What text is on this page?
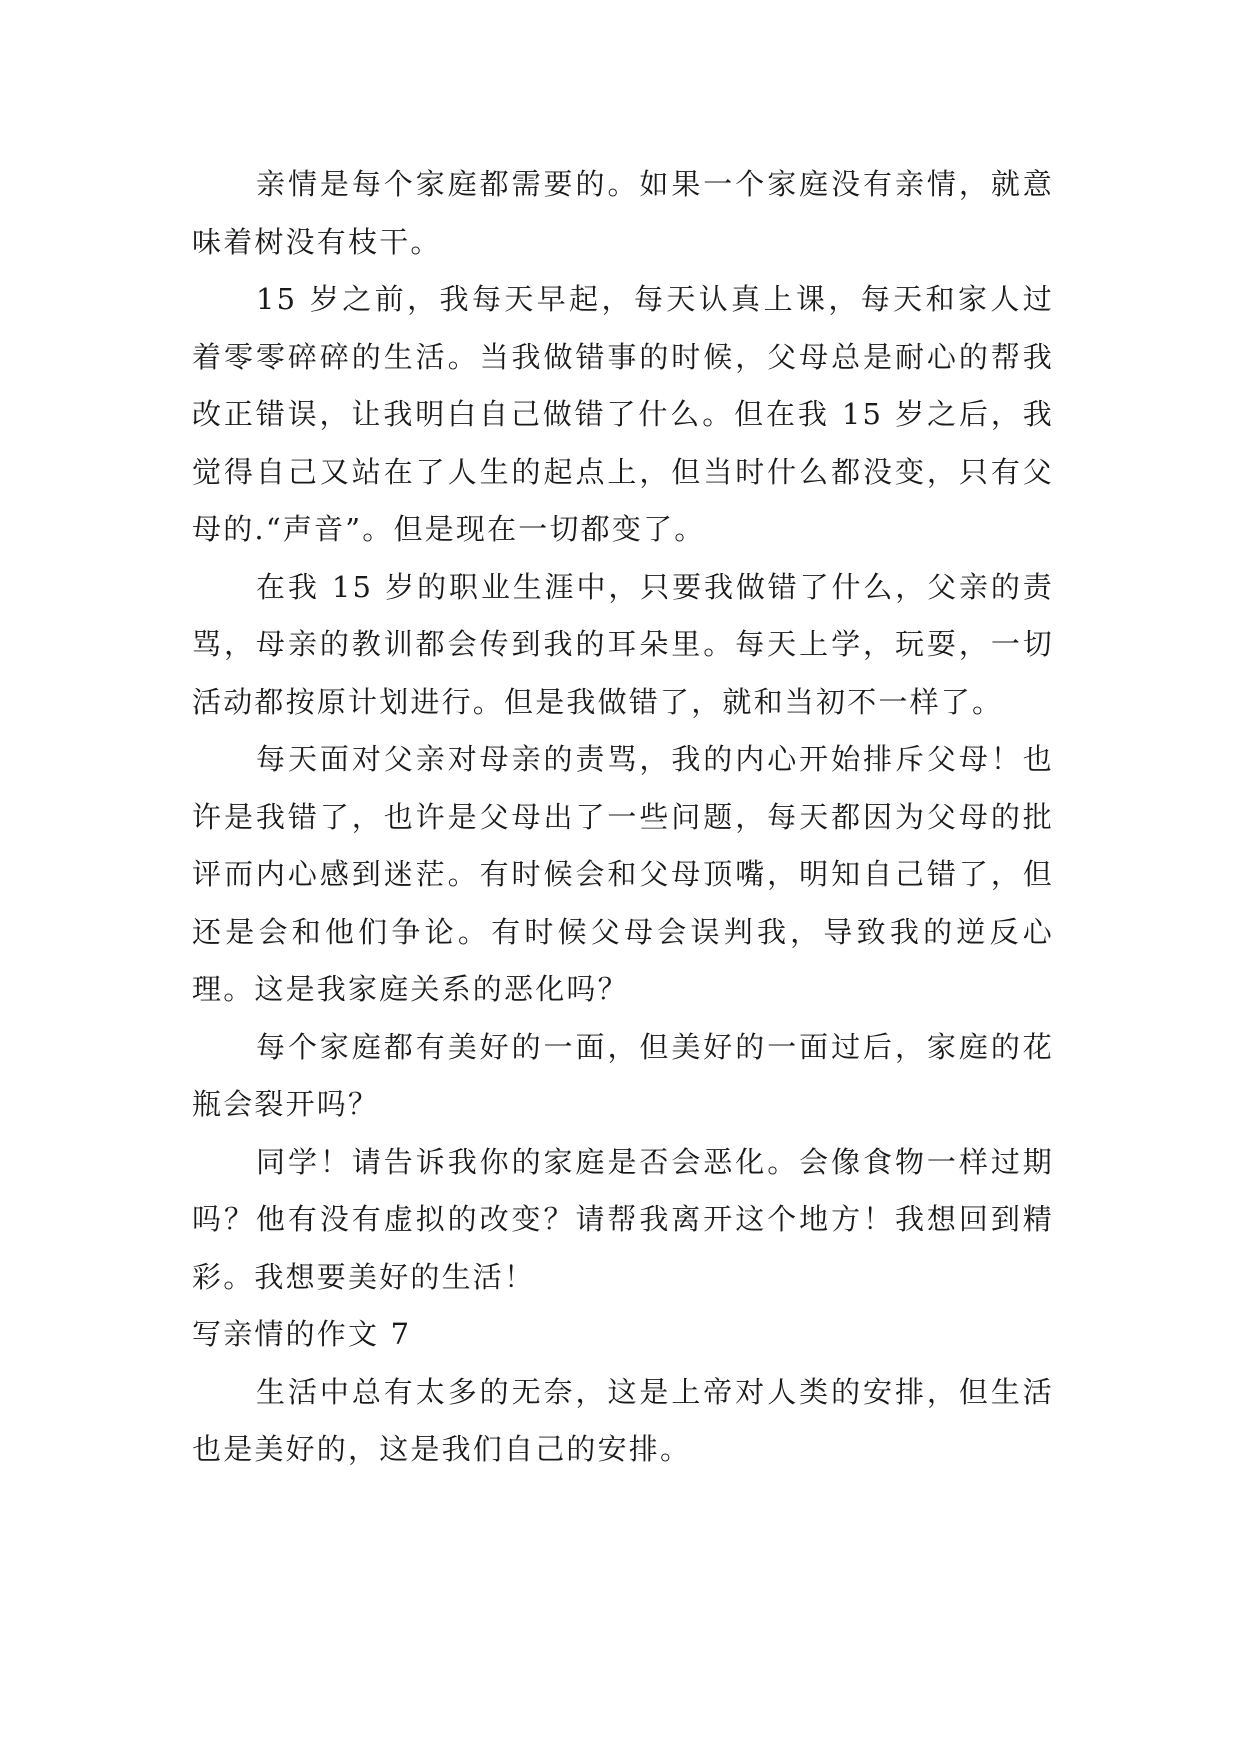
亲情是每个家庭都需要的。如果一个家庭没有亲情，就意味着树没有枝干。

15 岁之前，我每天早起，每天认真上课，每天和家人过着零零碎碎的生活。当我做错事的时候，父母总是耐心的帮我改正错误，让我明白自己做错了什么。但在我 15 岁之后，我觉得自己又站在了人生的起点上，但当时什么都没变，只有父母的.“声音”。但是现在一切都变了。

在我 15 岁的职业生涯中，只要我做错了什么，父亲的责骂，母亲的教训都会传到我的耳朵里。每天上学，玩耍，一切活动都按原计划进行。但是我做错了，就和当初不一样了。

每天面对父亲对母亲的责骂，我的内心开始排斥父母！也许是我错了，也许是父母出了一些问题，每天都因为父母的批评而内心感到迷茫。有时候会和父母顶嘴，明知自己错了，但还是会和他们争论。有时候父母会误判我，导致我的逆反心理。这是我家庭关系的恶化吗？

每个家庭都有美好的一面，但美好的一面过后，家庭的花瓶会裂开吗？

同学！请告诉我你的家庭是否会恶化。会像食物一样过期吗？他有没有虚拟的改变？请帮我离开这个地方！我想回到精彩。我想要美好的生活！

写亲情的作文 7

生活中总有太多的无奈，这是上帝对人类的安排，但生活也是美好的，这是我们自己的安排。
